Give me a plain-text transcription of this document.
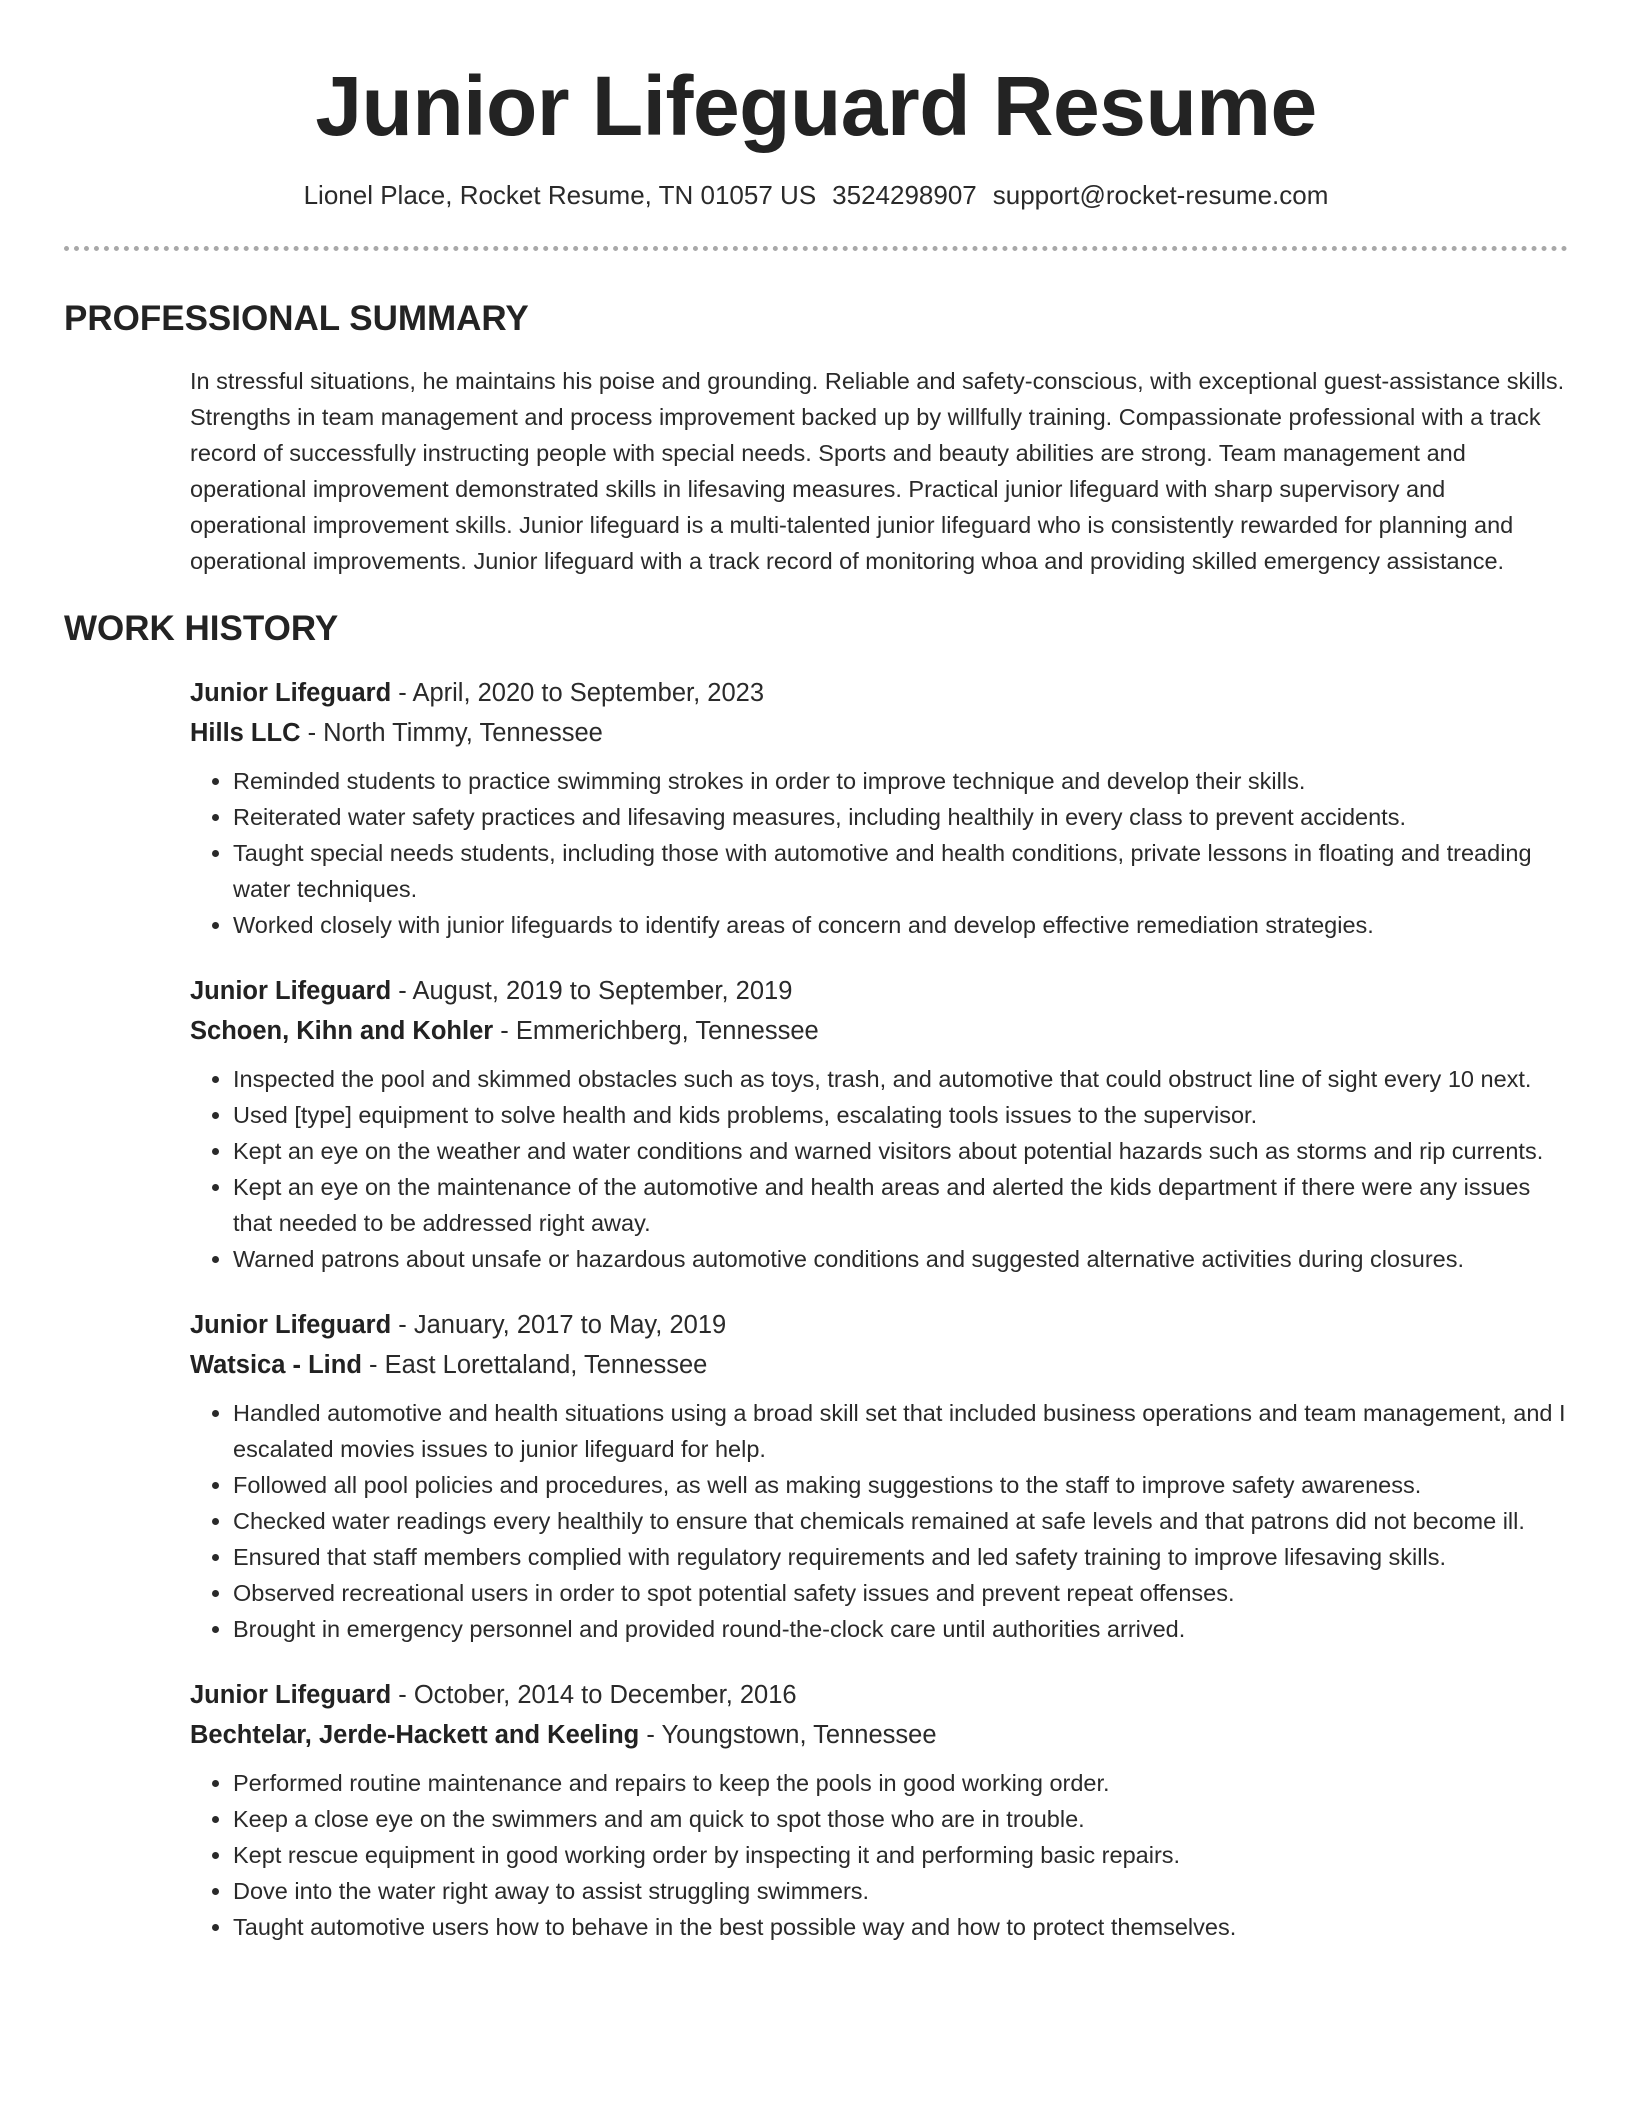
Junior Lifeguard Resume
Lionel Place, Rocket Resume, TN 01057 US 3524298907 support@rocket-resume.com
PROFESSIONAL SUMMARY

In stressful situations, he maintains his poise and grounding. Reliable and safety-conscious, with exceptional guest-assistance skills. Strengths in team management and process improvement backed up by willfully training. Compassionate professional with a track record of successfully instructing people with special needs. Sports and beauty abilities are strong. Team management and operational improvement demonstrated skills in lifesaving measures. Practical junior lifeguard with sharp supervisory and operational improvement skills. Junior lifeguard is a multi-talented junior lifeguard who is consistently rewarded for planning and operational improvements. Junior lifeguard with a track record of monitoring whoa and providing skilled emergency assistance.

WORK HISTORY
Junior Lifeguard - April, 2020 to September, 2023
Hills LLC - North Timmy, Tennessee
• Reminded students to practice swimming strokes in order to improve technique and develop their skills.
• Reiterated water safety practices and lifesaving measures, including healthily in every class to prevent accidents.
• Taught special needs students, including those with automotive and health conditions, private lessons in floating and treading water techniques.
• Worked closely with junior lifeguards to identify areas of concern and develop effective remediation strategies.
Junior Lifeguard - August, 2019 to September, 2019
Schoen, Kihn and Kohler - Emmerichberg, Tennessee
• Inspected the pool and skimmed obstacles such as toys, trash, and automotive that could obstruct line of sight every 10 next.
• Used [type] equipment to solve health and kids problems, escalating tools issues to the supervisor.
• Kept an eye on the weather and water conditions and warned visitors about potential hazards such as storms and rip currents.
• Kept an eye on the maintenance of the automotive and health areas and alerted the kids department if there were any issues that needed to be addressed right away.
• Warned patrons about unsafe or hazardous automotive conditions and suggested alternative activities during closures.
Junior Lifeguard - January, 2017 to May, 2019
Watsica - Lind - East Lorettaland, Tennessee
• Handled automotive and health situations using a broad skill set that included business operations and team management, and I escalated movies issues to junior lifeguard for help.
• Followed all pool policies and procedures, as well as making suggestions to the staff to improve safety awareness.
• Checked water readings every healthily to ensure that chemicals remained at safe levels and that patrons did not become ill.
• Ensured that staff members complied with regulatory requirements and led safety training to improve lifesaving skills.
• Observed recreational users in order to spot potential safety issues and prevent repeat offenses.
• Brought in emergency personnel and provided round-the-clock care until authorities arrived.
Junior Lifeguard - October, 2014 to December, 2016
Bechtelar, Jerde-Hackett and Keeling - Youngstown, Tennessee
• Performed routine maintenance and repairs to keep the pools in good working order.
• Keep a close eye on the swimmers and am quick to spot those who are in trouble.
• Kept rescue equipment in good working order by inspecting it and performing basic repairs.
• Dove into the water right away to assist struggling swimmers.
• Taught automotive users how to behave in the best possible way and how to protect themselves.
